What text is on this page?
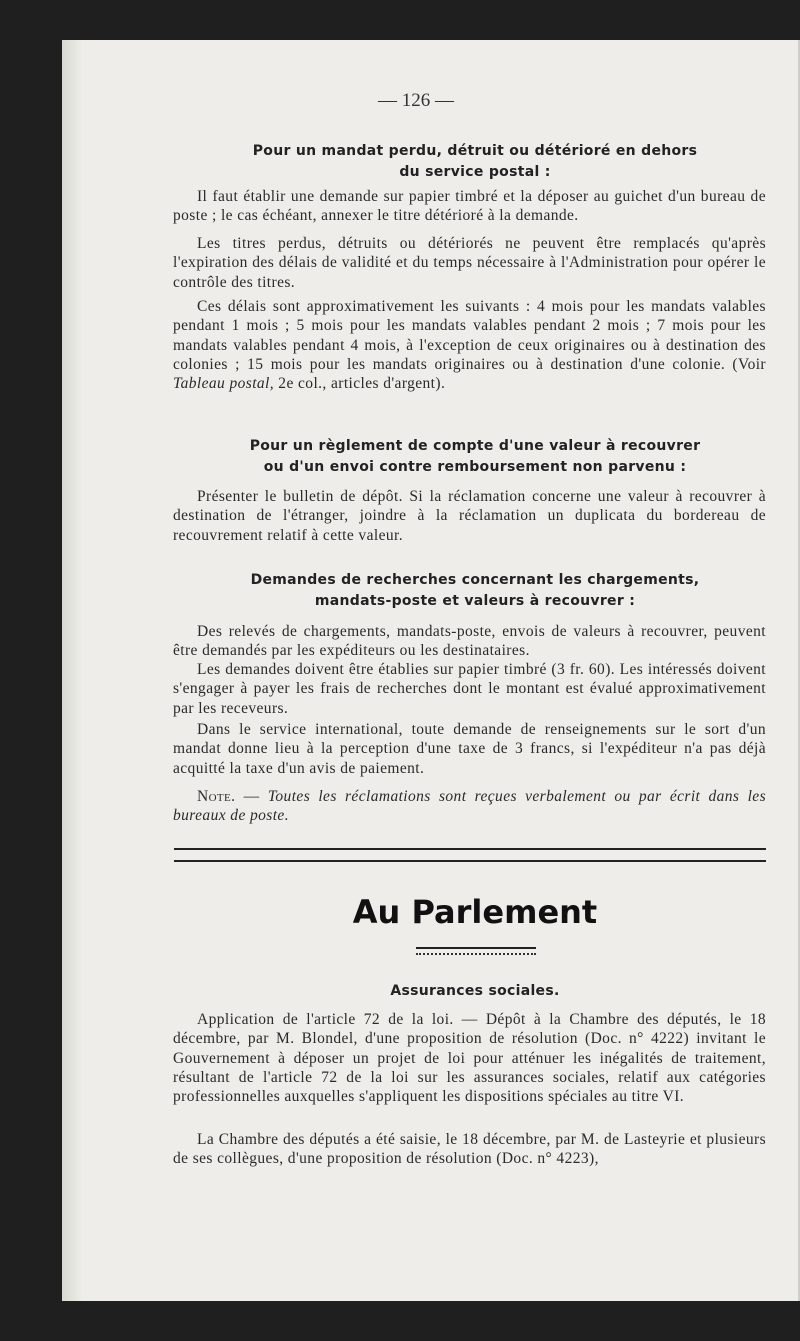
— 126 —
Pour un mandat perdu, détruit ou détérioré en dehors
du service postal :
Il faut établir une demande sur papier timbré et la déposer au guichet d'un bureau de poste ; le cas échéant, annexer le titre détérioré à la demande.
Les titres perdus, détruits ou détériorés ne peuvent être remplacés qu'après l'expiration des délais de validité et du temps nécessaire à l'Administration pour opérer le contrôle des titres.
Ces délais sont approximativement les suivants : 4 mois pour les mandats valables pendant 1 mois ; 5 mois pour les mandats valables pendant 2 mois ; 7 mois pour les mandats valables pendant 4 mois, à l'exception de ceux originaires ou à destination des colonies ; 15 mois pour les mandats originaires ou à destination d'une colonie. (Voir Tableau postal, 2e col., articles d'argent).
Pour un règlement de compte d'une valeur à recouvrer
ou d'un envoi contre remboursement non parvenu :
Présenter le bulletin de dépôt. Si la réclamation concerne une valeur à recouvrer à destination de l'étranger, joindre à la réclamation un duplicata du bordereau de recouvrement relatif à cette valeur.
Demandes de recherches concernant les chargements,
mandats-poste et valeurs à recouvrer :
Des relevés de chargements, mandats-poste, envois de valeurs à recouvrer, peuvent être demandés par les expéditeurs ou les destinataires.
Les demandes doivent être établies sur papier timbré (3 fr. 60). Les intéressés doivent s'engager à payer les frais de recherches dont le montant est évalué approximativement par les receveurs.
Dans le service international, toute demande de renseignements sur le sort d'un mandat donne lieu à la perception d'une taxe de 3 francs, si l'expéditeur n'a pas déjà acquitté la taxe d'un avis de paiement.
Note. — Toutes les réclamations sont reçues verbalement ou par écrit dans les bureaux de poste.
Au Parlement
Assurances sociales.
Application de l'article 72 de la loi. — Dépôt à la Chambre des députés, le 18 décembre, par M. Blondel, d'une proposition de résolution (Doc. n° 4222) invitant le Gouvernement à déposer un projet de loi pour atténuer les inégalités de traitement, résultant de l'article 72 de la loi sur les assurances sociales, relatif aux catégories professionnelles auxquelles s'appliquent les dispositions spéciales au titre VI.
La Chambre des députés a été saisie, le 18 décembre, par M. de Lasteyrie et plusieurs de ses collègues, d'une proposition de résolution (Doc. n° 4223),
